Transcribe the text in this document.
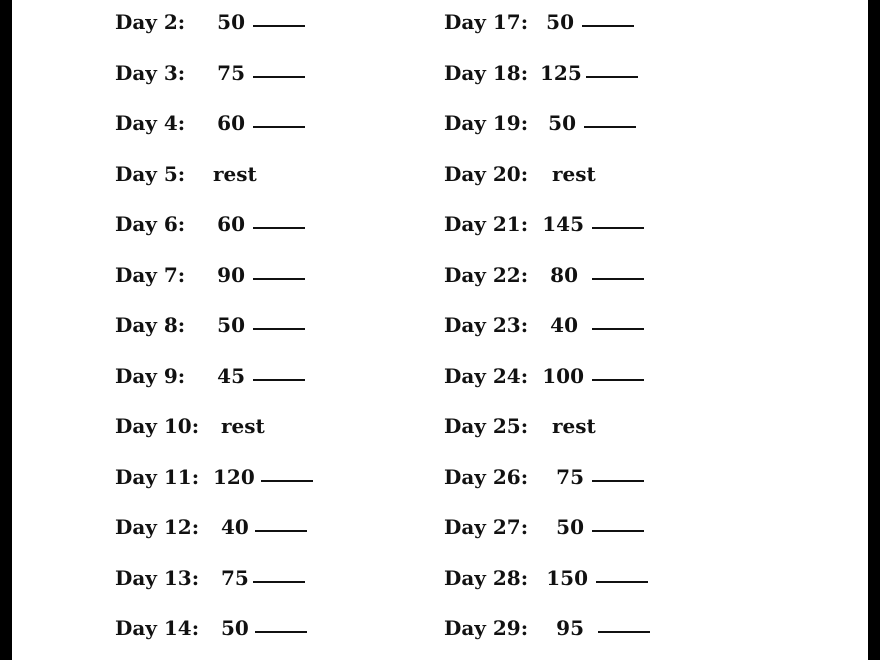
Day 2:	50
Day 3:	75
Day 4:	60
Day 5:	rest
Day 6:	60
Day 7:	90
Day 8:	50
Day 9:	45
Day 10:	rest
Day 11: 120
Day 12:	40
Day 13:	75
Day 14:	50
Day 17: 50
Day 18: 125
Day 19:	50
Day 20:	rest
Day 21: 145
Day 22:	80
Day 23:	40
Day 24: 100
Day 25:	rest
Day 26:	75
Day 27:	50
Day 28: 150
Day 29:	95
